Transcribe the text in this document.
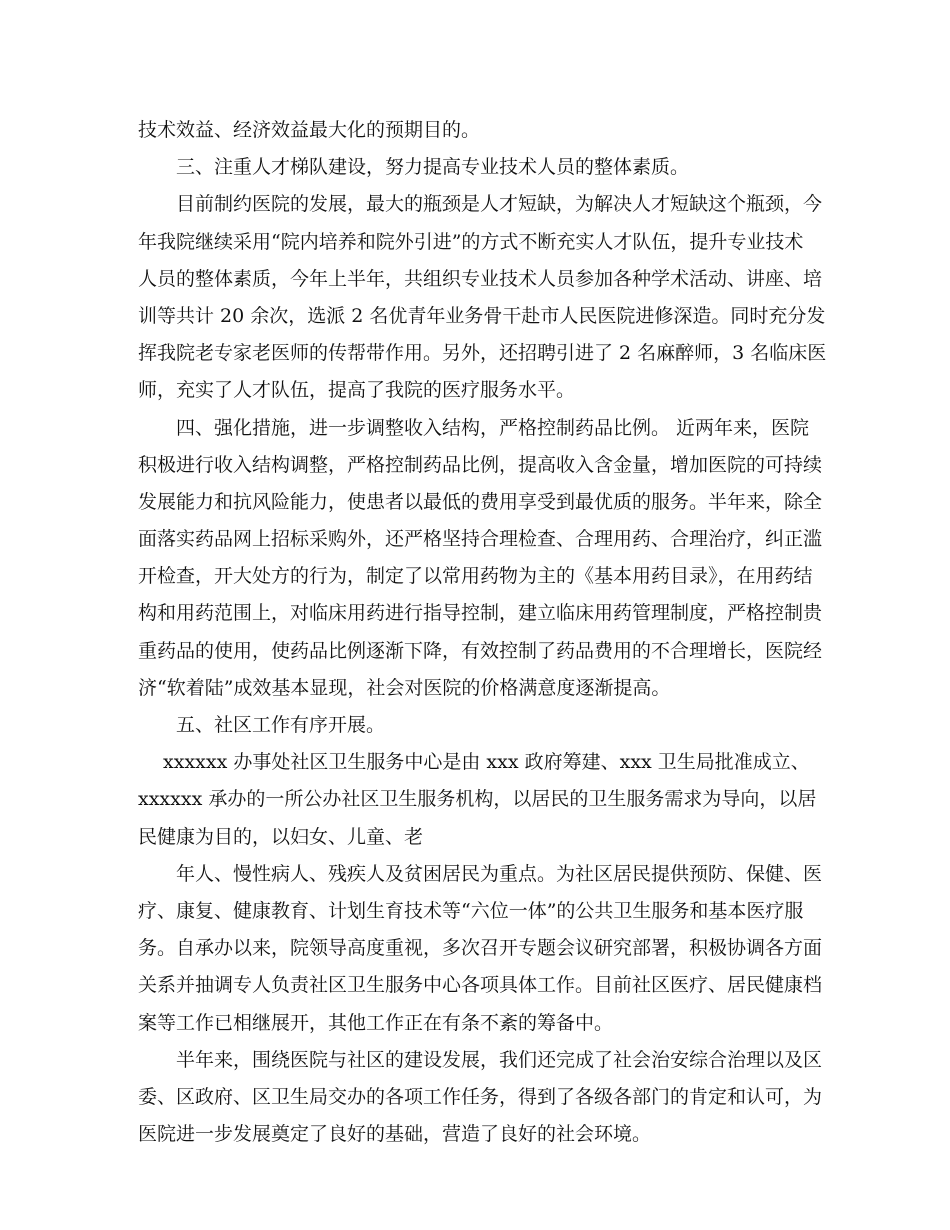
技术效益、经济效益最大化的预期目的。
　　三、注重人才梯队建设，努力提高专业技术人员的整体素质。
　　目前制约医院的发展，最大的瓶颈是人才短缺，为解决人才短缺这个瓶颈，今
年我院继续采用“院内培养和院外引进”的方式不断充实人才队伍，提升专业技术
人员的整体素质，今年上半年，共组织专业技术人员参加各种学术活动、讲座、培
训等共计 20 余次，选派 2 名优青年业务骨干赴市人民医院进修深造。同时充分发
挥我院老专家老医师的传帮带作用。另外，还招聘引进了 2 名麻醉师，3 名临床医
师，充实了人才队伍，提高了我院的医疗服务水平。
　　四、强化措施，进一步调整收入结构，严格控制药品比例。 近两年来，医院
积极进行收入结构调整，严格控制药品比例，提高收入含金量，增加医院的可持续
发展能力和抗风险能力，使患者以最低的费用享受到最优质的服务。半年来，除全
面落实药品网上招标采购外，还严格坚持合理检查、合理用药、合理治疗，纠正滥
开检查，开大处方的行为，制定了以常用药物为主的《基本用药目录》，在用药结
构和用药范围上，对临床用药进行指导控制，建立临床用药管理制度，严格控制贵
重药品的使用，使药品比例逐渐下降，有效控制了药品费用的不合理增长，医院经
济“软着陆”成效基本显现，社会对医院的价格满意度逐渐提高。
　　五、社区工作有序开展。
　 xxxxxx 办事处社区卫生服务中心是由 xxx 政府筹建、xxx 卫生局批准成立、
xxxxxx 承办的一所公办社区卫生服务机构，以居民的卫生服务需求为导向，以居
民健康为目的，以妇女、儿童、老
　　年人、慢性病人、残疾人及贫困居民为重点。为社区居民提供预防、保健、医
疗、康复、健康教育、计划生育技术等“六位一体”的公共卫生服务和基本医疗服
务。自承办以来，院领导高度重视，多次召开专题会议研究部署，积极协调各方面
关系并抽调专人负责社区卫生服务中心各项具体工作。目前社区医疗、居民健康档
案等工作已相继展开，其他工作正在有条不紊的筹备中。
　　半年来，围绕医院与社区的建设发展，我们还完成了社会治安综合治理以及区
委、区政府、区卫生局交办的各项工作任务，得到了各级各部门的肯定和认可，为
医院进一步发展奠定了良好的基础，营造了良好的社会环境。
